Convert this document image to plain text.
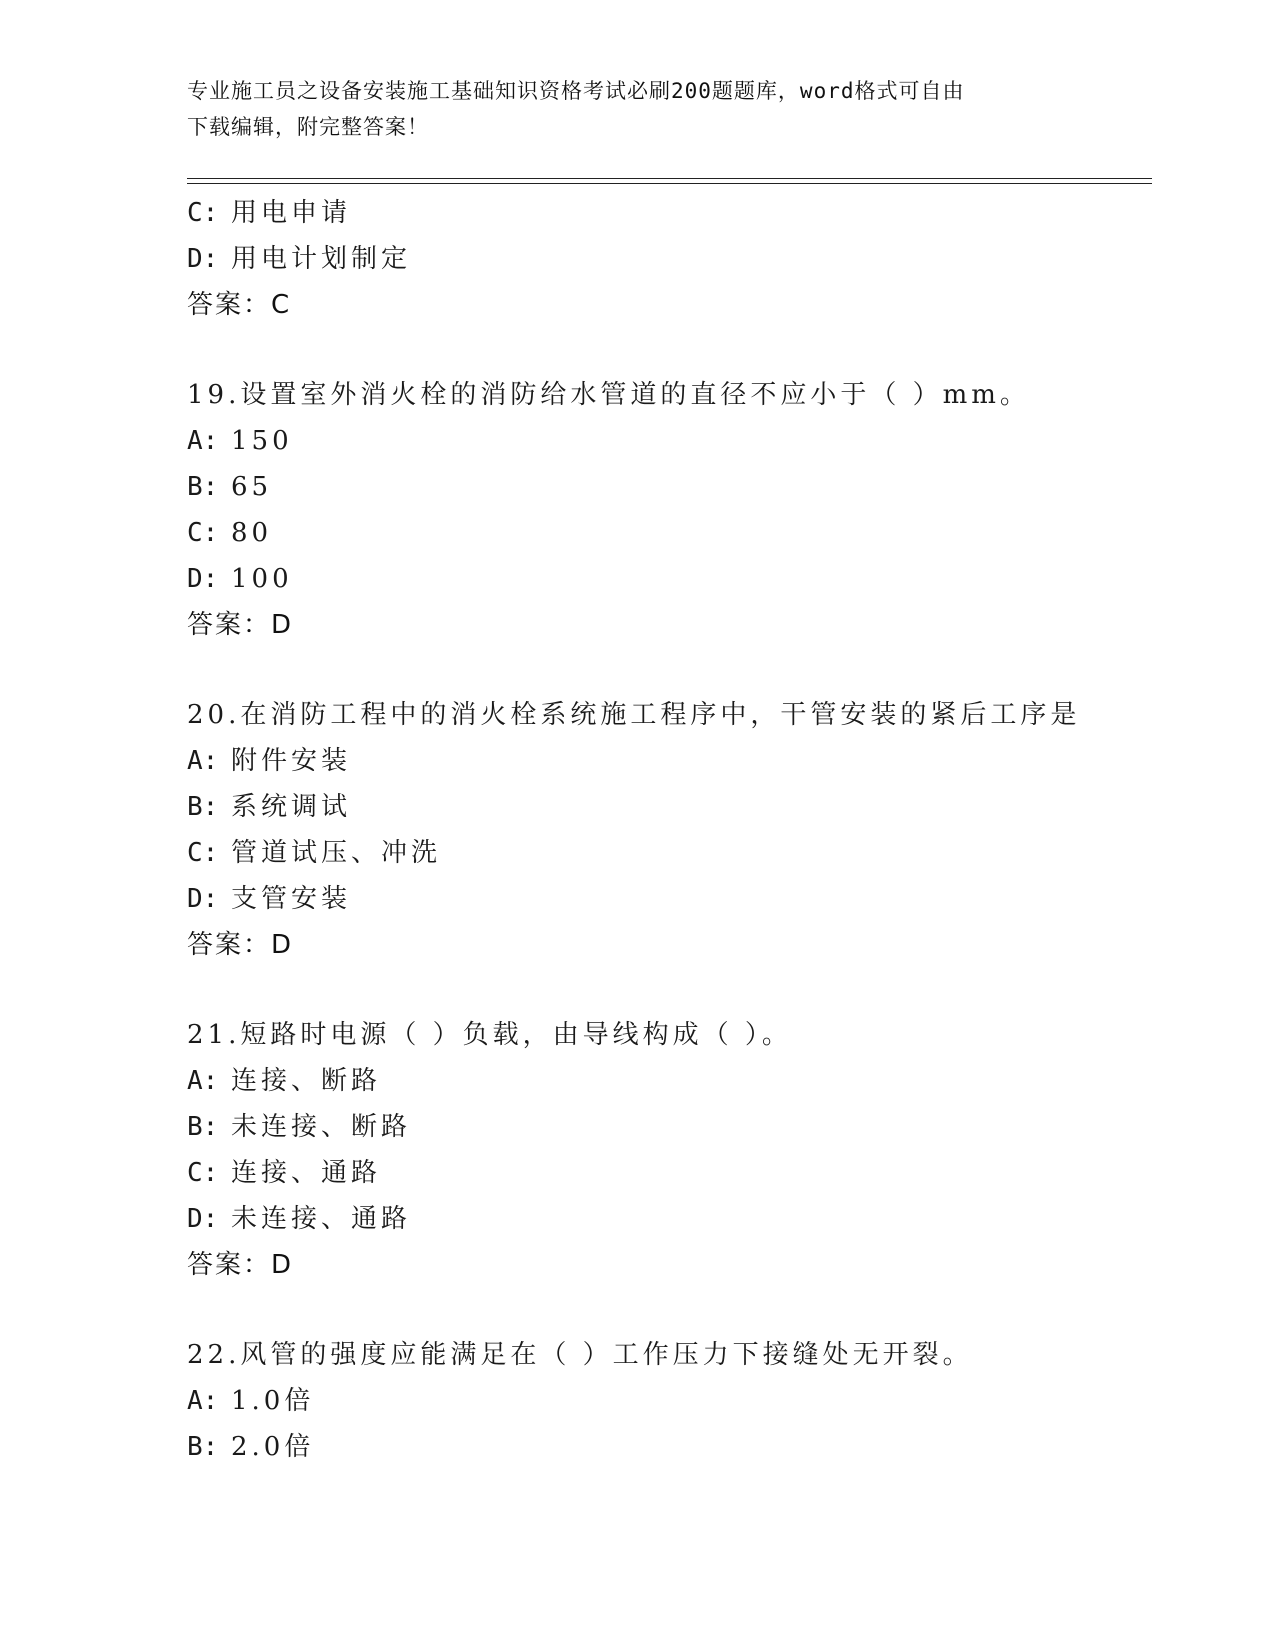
专业施工员之设备安装施工基础知识资格考试必刷200题题库，word格式可自由
下载编辑，附完整答案！
C: 用电申请
D: 用电计划制定
答案：C
19.设置室外消火栓的消防给水管道的直径不应小于（ ）mm。
A: 150
B: 65
C: 80
D: 100
答案：D
20.在消防工程中的消火栓系统施工程序中，干管安装的紧后工序是
A: 附件安装
B: 系统调试
C: 管道试压、冲洗
D: 支管安装
答案：D
21.短路时电源（ ）负载，由导线构成（ ）。
A: 连接、断路
B: 未连接、断路
C: 连接、通路
D: 未连接、通路
答案：D
22.风管的强度应能满足在（ ）工作压力下接缝处无开裂。
A: 1.0倍
B: 2.0倍
